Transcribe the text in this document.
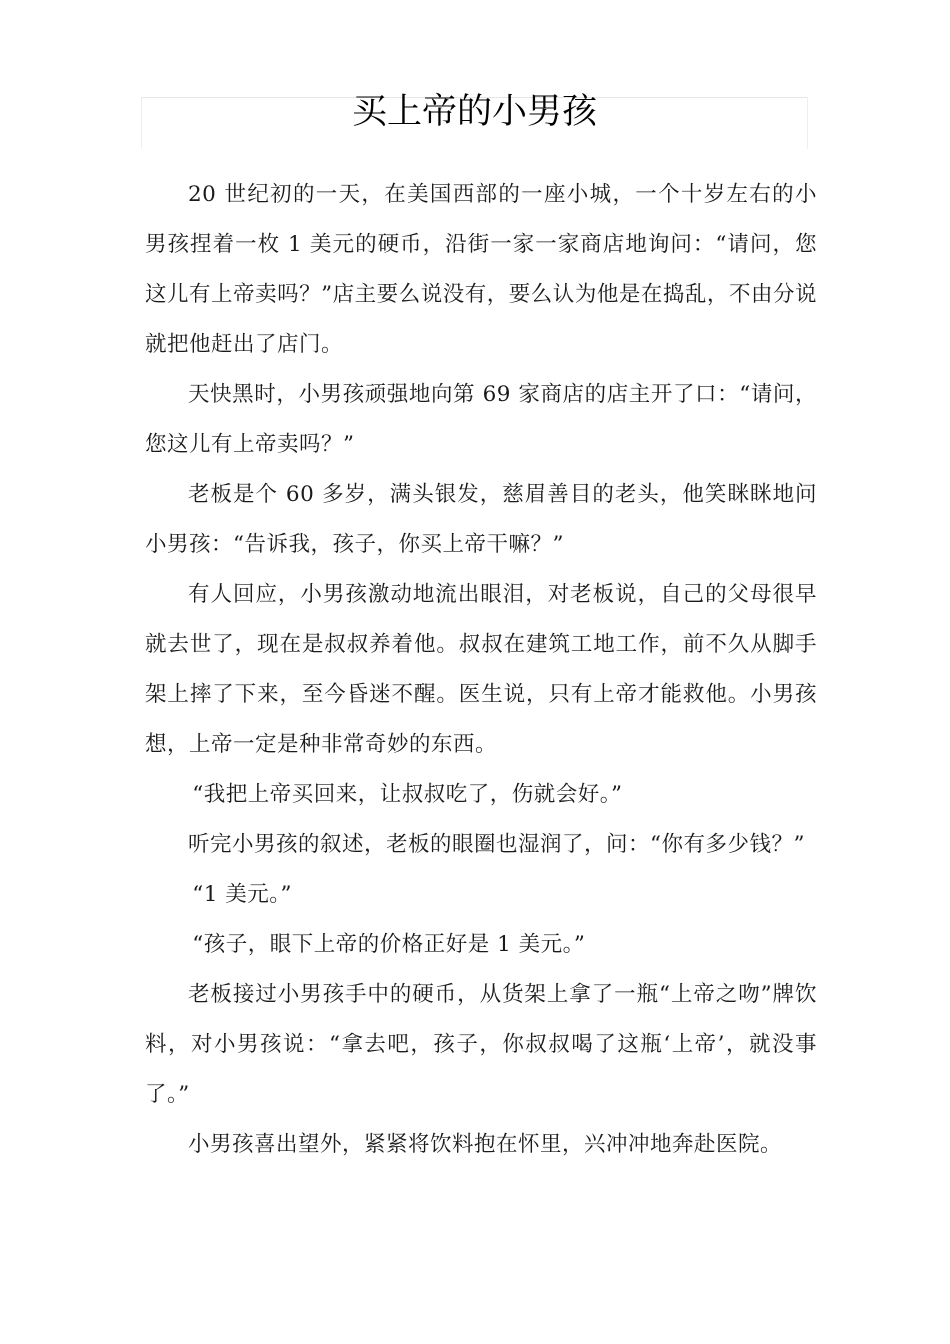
买上帝的小男孩

20 世纪初的一天，在美国西部的一座小城，一个十岁左右的小男孩捏着一枚 1 美元的硬币，沿街一家一家商店地询问：“请问，您这儿有上帝卖吗？”店主要么说没有，要么认为他是在捣乱，不由分说就把他赶出了店门。

天快黑时，小男孩顽强地向第 69 家商店的店主开了口：“请问，您这儿有上帝卖吗？”

老板是个 60 多岁，满头银发，慈眉善目的老头，他笑眯眯地问小男孩：“告诉我，孩子，你买上帝干嘛？”

有人回应，小男孩激动地流出眼泪，对老板说，自己的父母很早就去世了，现在是叔叔养着他。叔叔在建筑工地工作，前不久从脚手架上摔了下来，至今昏迷不醒。医生说，只有上帝才能救他。小男孩想，上帝一定是种非常奇妙的东西。

“我把上帝买回来，让叔叔吃了，伤就会好。”

听完小男孩的叙述，老板的眼圈也湿润了，问：“你有多少钱？”

“1 美元。”

“孩子，眼下上帝的价格正好是 1 美元。”

老板接过小男孩手中的硬币，从货架上拿了一瓶“上帝之吻”牌饮料，对小男孩说：“拿去吧，孩子，你叔叔喝了这瓶‘上帝’，就没事了。”

小男孩喜出望外，紧紧将饮料抱在怀里，兴冲冲地奔赴医院。
